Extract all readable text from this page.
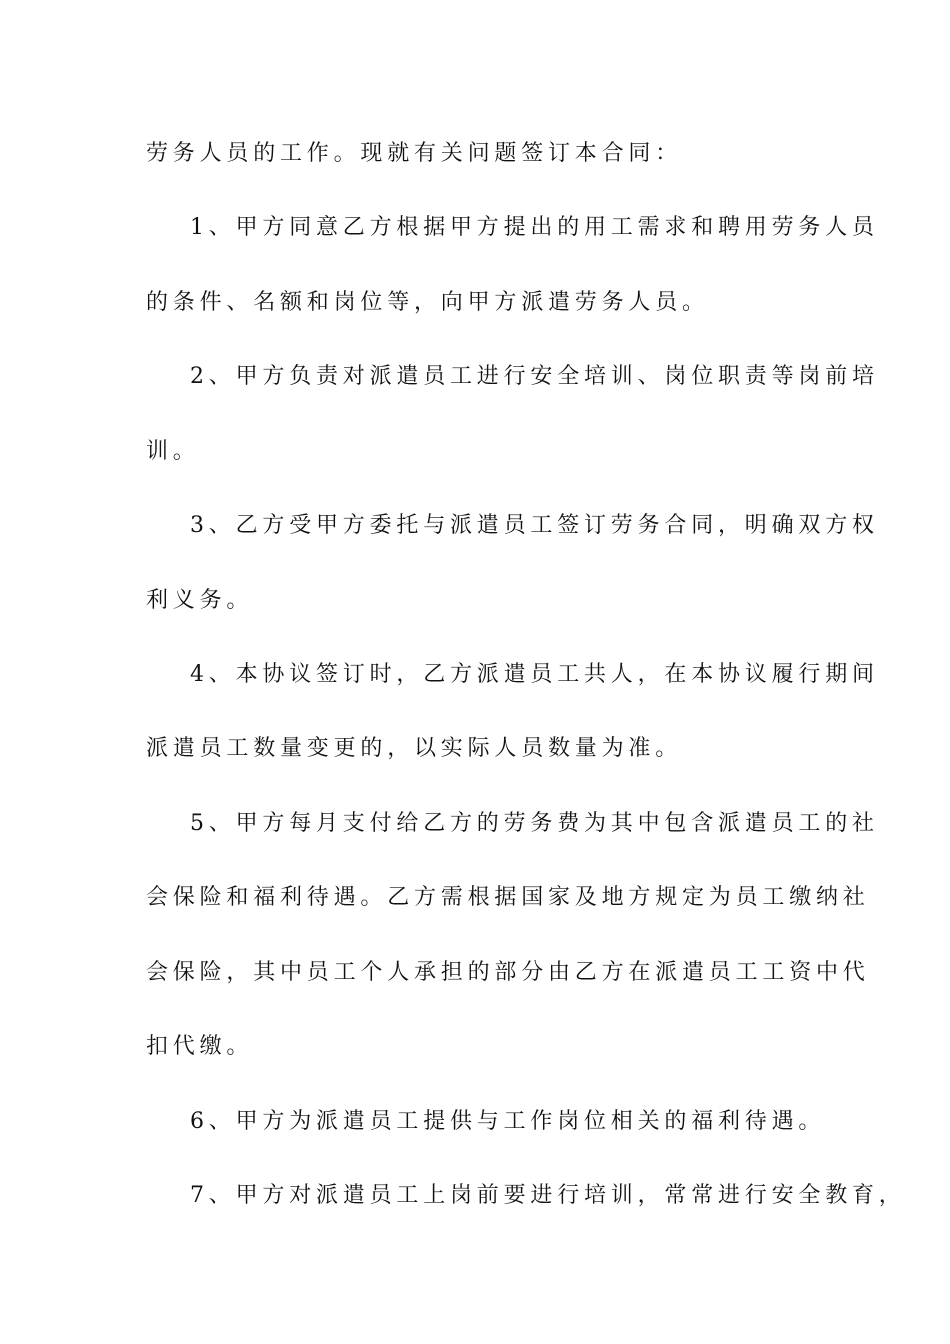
劳务人员的工作。现就有关问题签订本合同：
1、甲方同意乙方根据甲方提出的用工需求和聘用劳务人员
的条件、名额和岗位等，向甲方派遣劳务人员。
2、甲方负责对派遣员工进行安全培训、岗位职责等岗前培
训。
3、乙方受甲方委托与派遣员工签订劳务合同，明确双方权
利义务。
4、本协议签订时，乙方派遣员工共人，在本协议履行期间
派遣员工数量变更的，以实际人员数量为准。
5、甲方每月支付给乙方的劳务费为其中包含派遣员工的社
会保险和福利待遇。乙方需根据国家及地方规定为员工缴纳社
会保险，其中员工个人承担的部分由乙方在派遣员工工资中代
扣代缴。
6、甲方为派遣员工提供与工作岗位相关的福利待遇。
7、甲方对派遣员工上岗前要进行培训，常常进行安全教育，
